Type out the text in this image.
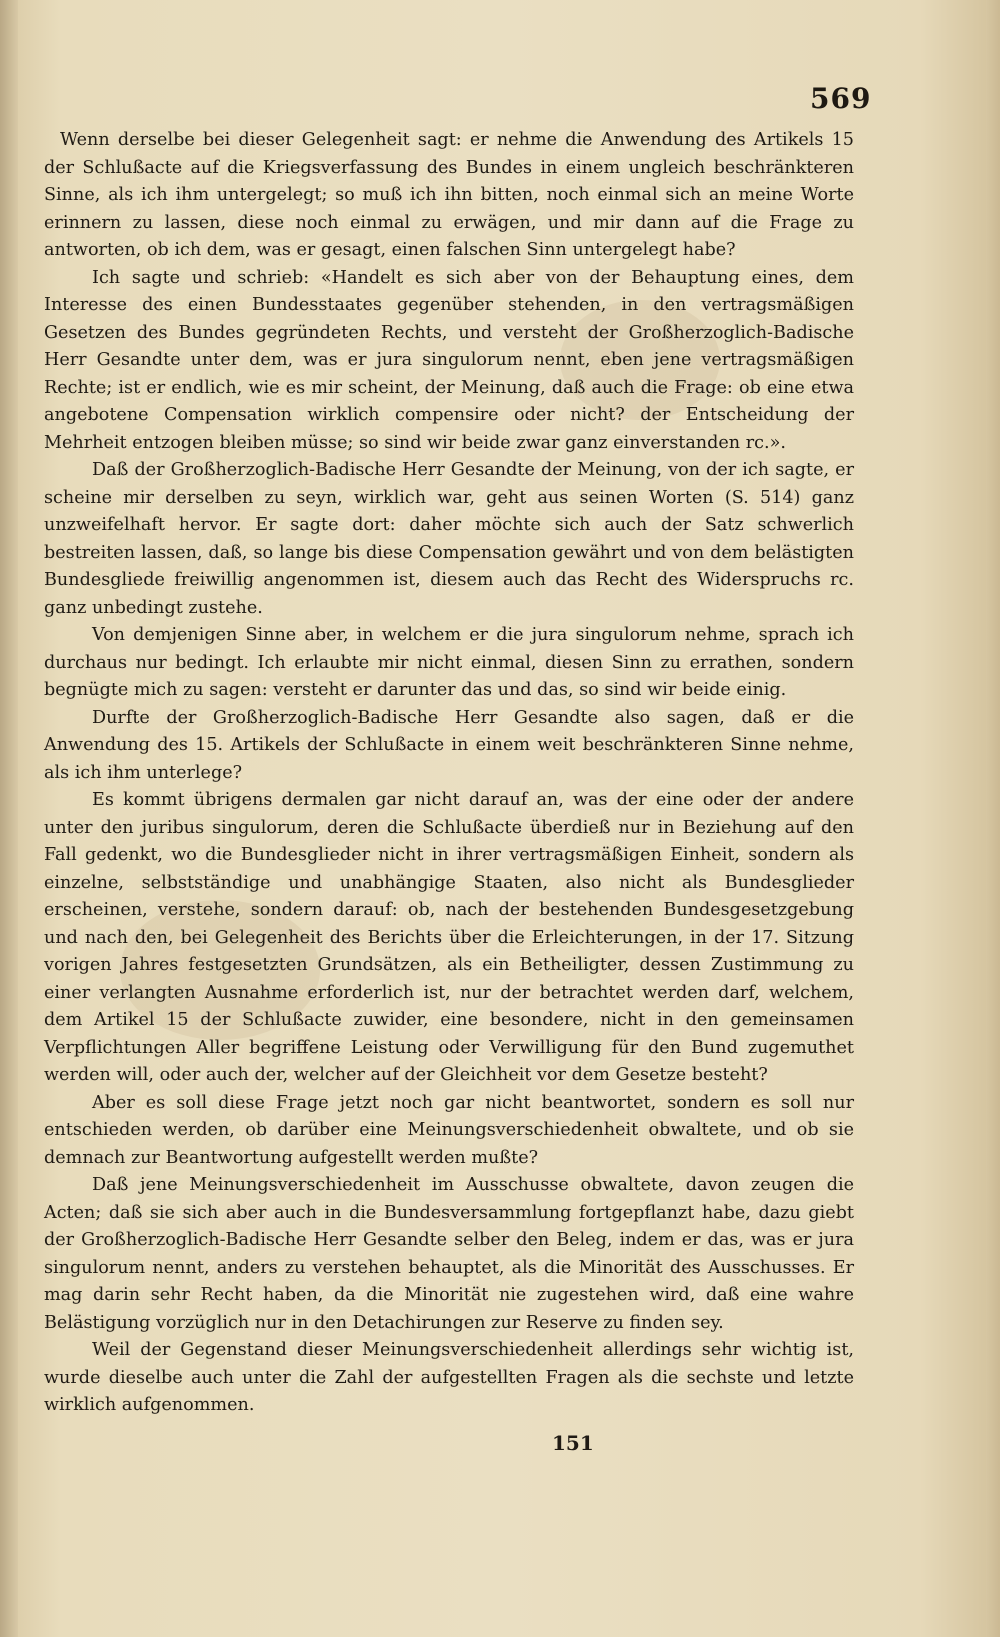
569

Wenn derselbe bei dieser Gelegenheit sagt: er nehme die Anwendung des Artikels 15 der Schlußacte auf die Kriegsverfassung des Bundes in einem ungleich beschränkteren Sinne, als ich ihm untergelegt; so muß ich ihn bitten, noch einmal sich an meine Worte erinnern zu lassen, diese noch einmal zu erwägen, und mir dann auf die Frage zu antworten, ob ich dem, was er gesagt, einen falschen Sinn untergelegt habe?

Ich sagte und schrieb: «Handelt es sich aber von der Behauptung eines, dem Interesse des einen Bundesstaates gegenüber stehenden, in den vertragsmäßigen Gesetzen des Bundes gegründeten Rechts, und versteht der Großherzoglich-Badische Herr Gesandte unter dem, was er jura singulorum nennt, eben jene vertragsmäßigen Rechte; ist er endlich, wie es mir scheint, der Meinung, daß auch die Frage: ob eine etwa angebotene Compensation wirklich compensire oder nicht? der Entscheidung der Mehrheit entzogen bleiben müsse; so sind wir beide zwar ganz einverstanden rc.».

Daß der Großherzoglich-Badische Herr Gesandte der Meinung, von der ich sagte, er scheine mir derselben zu seyn, wirklich war, geht aus seinen Worten (S. 514) ganz unzweifelhaft hervor. Er sagte dort: daher möchte sich auch der Satz schwerlich bestreiten lassen, daß, so lange bis diese Compensation gewährt und von dem belästigten Bundesgliede freiwillig angenommen ist, diesem auch das Recht des Widerspruchs rc. ganz unbedingt zustehe.

Von demjenigen Sinne aber, in welchem er die jura singulorum nehme, sprach ich durchaus nur bedingt. Ich erlaubte mir nicht einmal, diesen Sinn zu errathen, sondern begnügte mich zu sagen: versteht er darunter das und das, so sind wir beide einig.

Durfte der Großherzoglich-Badische Herr Gesandte also sagen, daß er die Anwendung des 15. Artikels der Schlußacte in einem weit beschränkteren Sinne nehme, als ich ihm unterlege?

Es kommt übrigens dermalen gar nicht darauf an, was der eine oder der andere unter den juribus singulorum, deren die Schlußacte überdieß nur in Beziehung auf den Fall gedenkt, wo die Bundesglieder nicht in ihrer vertragsmäßigen Einheit, sondern als einzelne, selbstständige und unabhängige Staaten, also nicht als Bundesglieder erscheinen, verstehe, sondern darauf: ob, nach der bestehenden Bundesgesetzgebung und nach den, bei Gelegenheit des Berichts über die Erleichterungen, in der 17. Sitzung vorigen Jahres festgesetzten Grundsätzen, als ein Betheiligter, dessen Zustimmung zu einer verlangten Ausnahme erforderlich ist, nur der betrachtet werden darf, welchem, dem Artikel 15 der Schlußacte zuwider, eine besondere, nicht in den gemeinsamen Verpflichtungen Aller begriffene Leistung oder Verwilligung für den Bund zugemuthet werden will, oder auch der, welcher auf der Gleichheit vor dem Gesetze besteht?

Aber es soll diese Frage jetzt noch gar nicht beantwortet, sondern es soll nur entschieden werden, ob darüber eine Meinungsverschiedenheit obwaltete, und ob sie demnach zur Beantwortung aufgestellt werden mußte?

Daß jene Meinungsverschiedenheit im Ausschusse obwaltete, davon zeugen die Acten; daß sie sich aber auch in die Bundesversammlung fortgepflanzt habe, dazu giebt der Großherzoglich-Badische Herr Gesandte selber den Beleg, indem er das, was er jura singulorum nennt, anders zu verstehen behauptet, als die Minorität des Ausschusses. Er mag darin sehr Recht haben, da die Minorität nie zugestehen wird, daß eine wahre Belästigung vorzüglich nur in den Detachirungen zur Reserve zu finden sey.

Weil der Gegenstand dieser Meinungsverschiedenheit allerdings sehr wichtig ist, wurde dieselbe auch unter die Zahl der aufgestellten Fragen als die sechste und letzte wirklich aufgenommen.

151
